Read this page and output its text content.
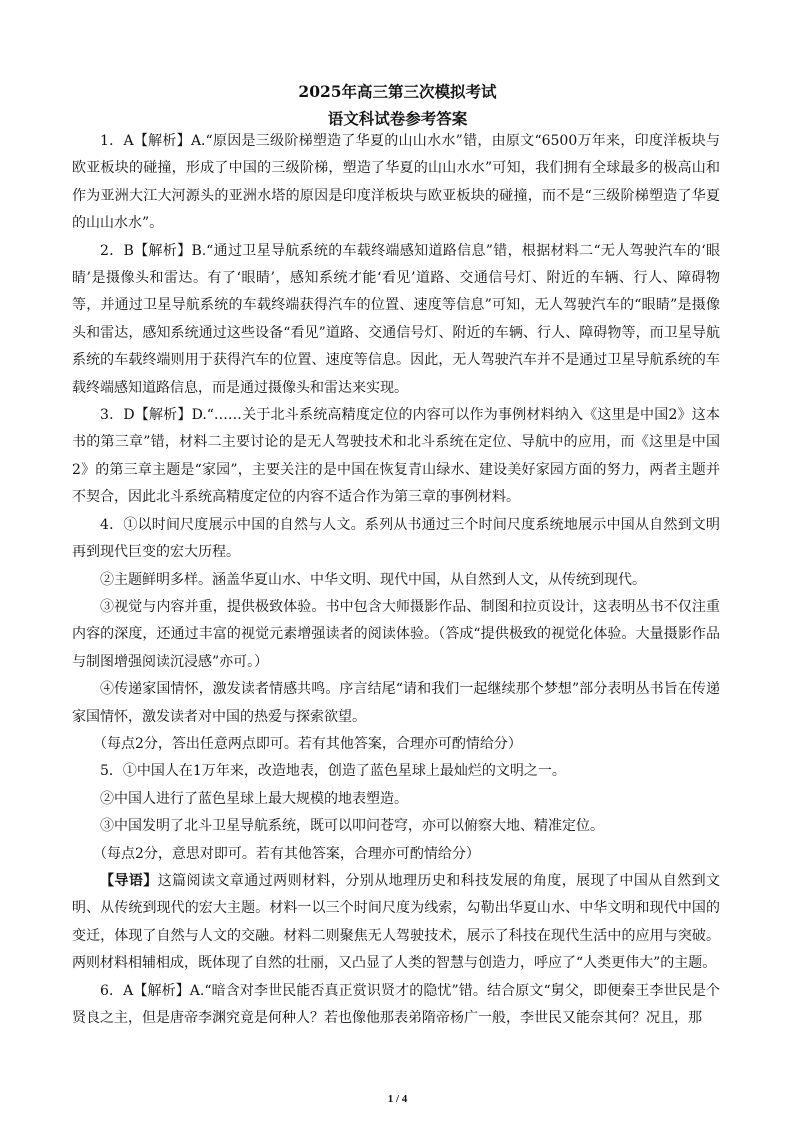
2025年高三第三次模拟考试
语文科试卷参考答案

1．A【解析】A.“原因是三级阶梯塑造了华夏的山山水水”错，由原文“6500万年来，印度洋板块与欧亚板块的碰撞，形成了中国的三级阶梯，塑造了华夏的山山水水”可知，我们拥有全球最多的极高山和作为亚洲大江大河源头的亚洲水塔的原因是印度洋板块与欧亚板块的碰撞，而不是“三级阶梯塑造了华夏的山山水水”。

2．B【解析】B.“通过卫星导航系统的车载终端感知道路信息”错，根据材料二“无人驾驶汽车的‘眼睛’是摄像头和雷达。有了‘眼睛’，感知系统才能‘看见’道路、交通信号灯、附近的车辆、行人、障碍物等，并通过卫星导航系统的车载终端获得汽车的位置、速度等信息”可知，无人驾驶汽车的“眼睛”是摄像头和雷达，感知系统通过这些设备“看见”道路、交通信号灯、附近的车辆、行人、障碍物等，而卫星导航系统的车载终端则用于获得汽车的位置、速度等信息。因此，无人驾驶汽车并不是通过卫星导航系统的车载终端感知道路信息，而是通过摄像头和雷达来实现。

3．D【解析】D.“……关于北斗系统高精度定位的内容可以作为事例材料纳入《这里是中国2》这本书的第三章”错，材料二主要讨论的是无人驾驶技术和北斗系统在定位、导航中的应用，而《这里是中国2》的第三章主题是“家园”，主要关注的是中国在恢复青山绿水、建设美好家园方面的努力，两者主题并不契合，因此北斗系统高精度定位的内容不适合作为第三章的事例材料。

4．①以时间尺度展示中国的自然与人文。系列从书通过三个时间尺度系统地展示中国从自然到文明再到现代巨变的宏大历程。

②主题鲜明多样。涵盖华夏山水、中华文明、现代中国，从自然到人文，从传统到现代。

③视觉与内容并重，提供极致体验。书中包含大师摄影作品、制图和拉页设计，这表明丛书不仅注重内容的深度，还通过丰富的视觉元素增强读者的阅读体验。（答成“提供极致的视觉化体验。大量摄影作品与制图增强阅读沉浸感”亦可。）

④传递家国情怀，激发读者情感共鸣。序言结尾“请和我们一起继续那个梦想”部分表明丛书旨在传递家国情怀，激发读者对中国的热爱与探索欲望。

（每点2分，答出任意两点即可。若有其他答案，合理亦可酌情给分）

5．①中国人在1万年来，改造地表，创造了蓝色星球上最灿烂的文明之一。

②中国人进行了蓝色星球上最大规模的地表塑造。

③中国发明了北斗卫星导航系统，既可以叩问苍穹，亦可以俯察大地、精准定位。

（每点2分，意思对即可。若有其他答案，合理亦可酌情给分）

【导语】这篇阅读文章通过两则材料，分别从地理历史和科技发展的角度，展现了中国从自然到文明、从传统到现代的宏大主题。材料一以三个时间尺度为线索，勾勒出华夏山水、中华文明和现代中国的变迁，体现了自然与人文的交融。材料二则聚焦无人驾驶技术，展示了科技在现代生活中的应用与突破。两则材料相辅相成，既体现了自然的壮丽，又凸显了人类的智慧与创造力，呼应了“人类更伟大”的主题。

6．A【解析】A.“暗含对李世民能否真正赏识贤才的隐忧”错。结合原文“舅父，即便秦王李世民是个贤良之主，但是唐帝李渊究竟是何种人？若也像他那表弟隋帝杨广一般，李世民又能奈其何？况且，那

1 / 4
